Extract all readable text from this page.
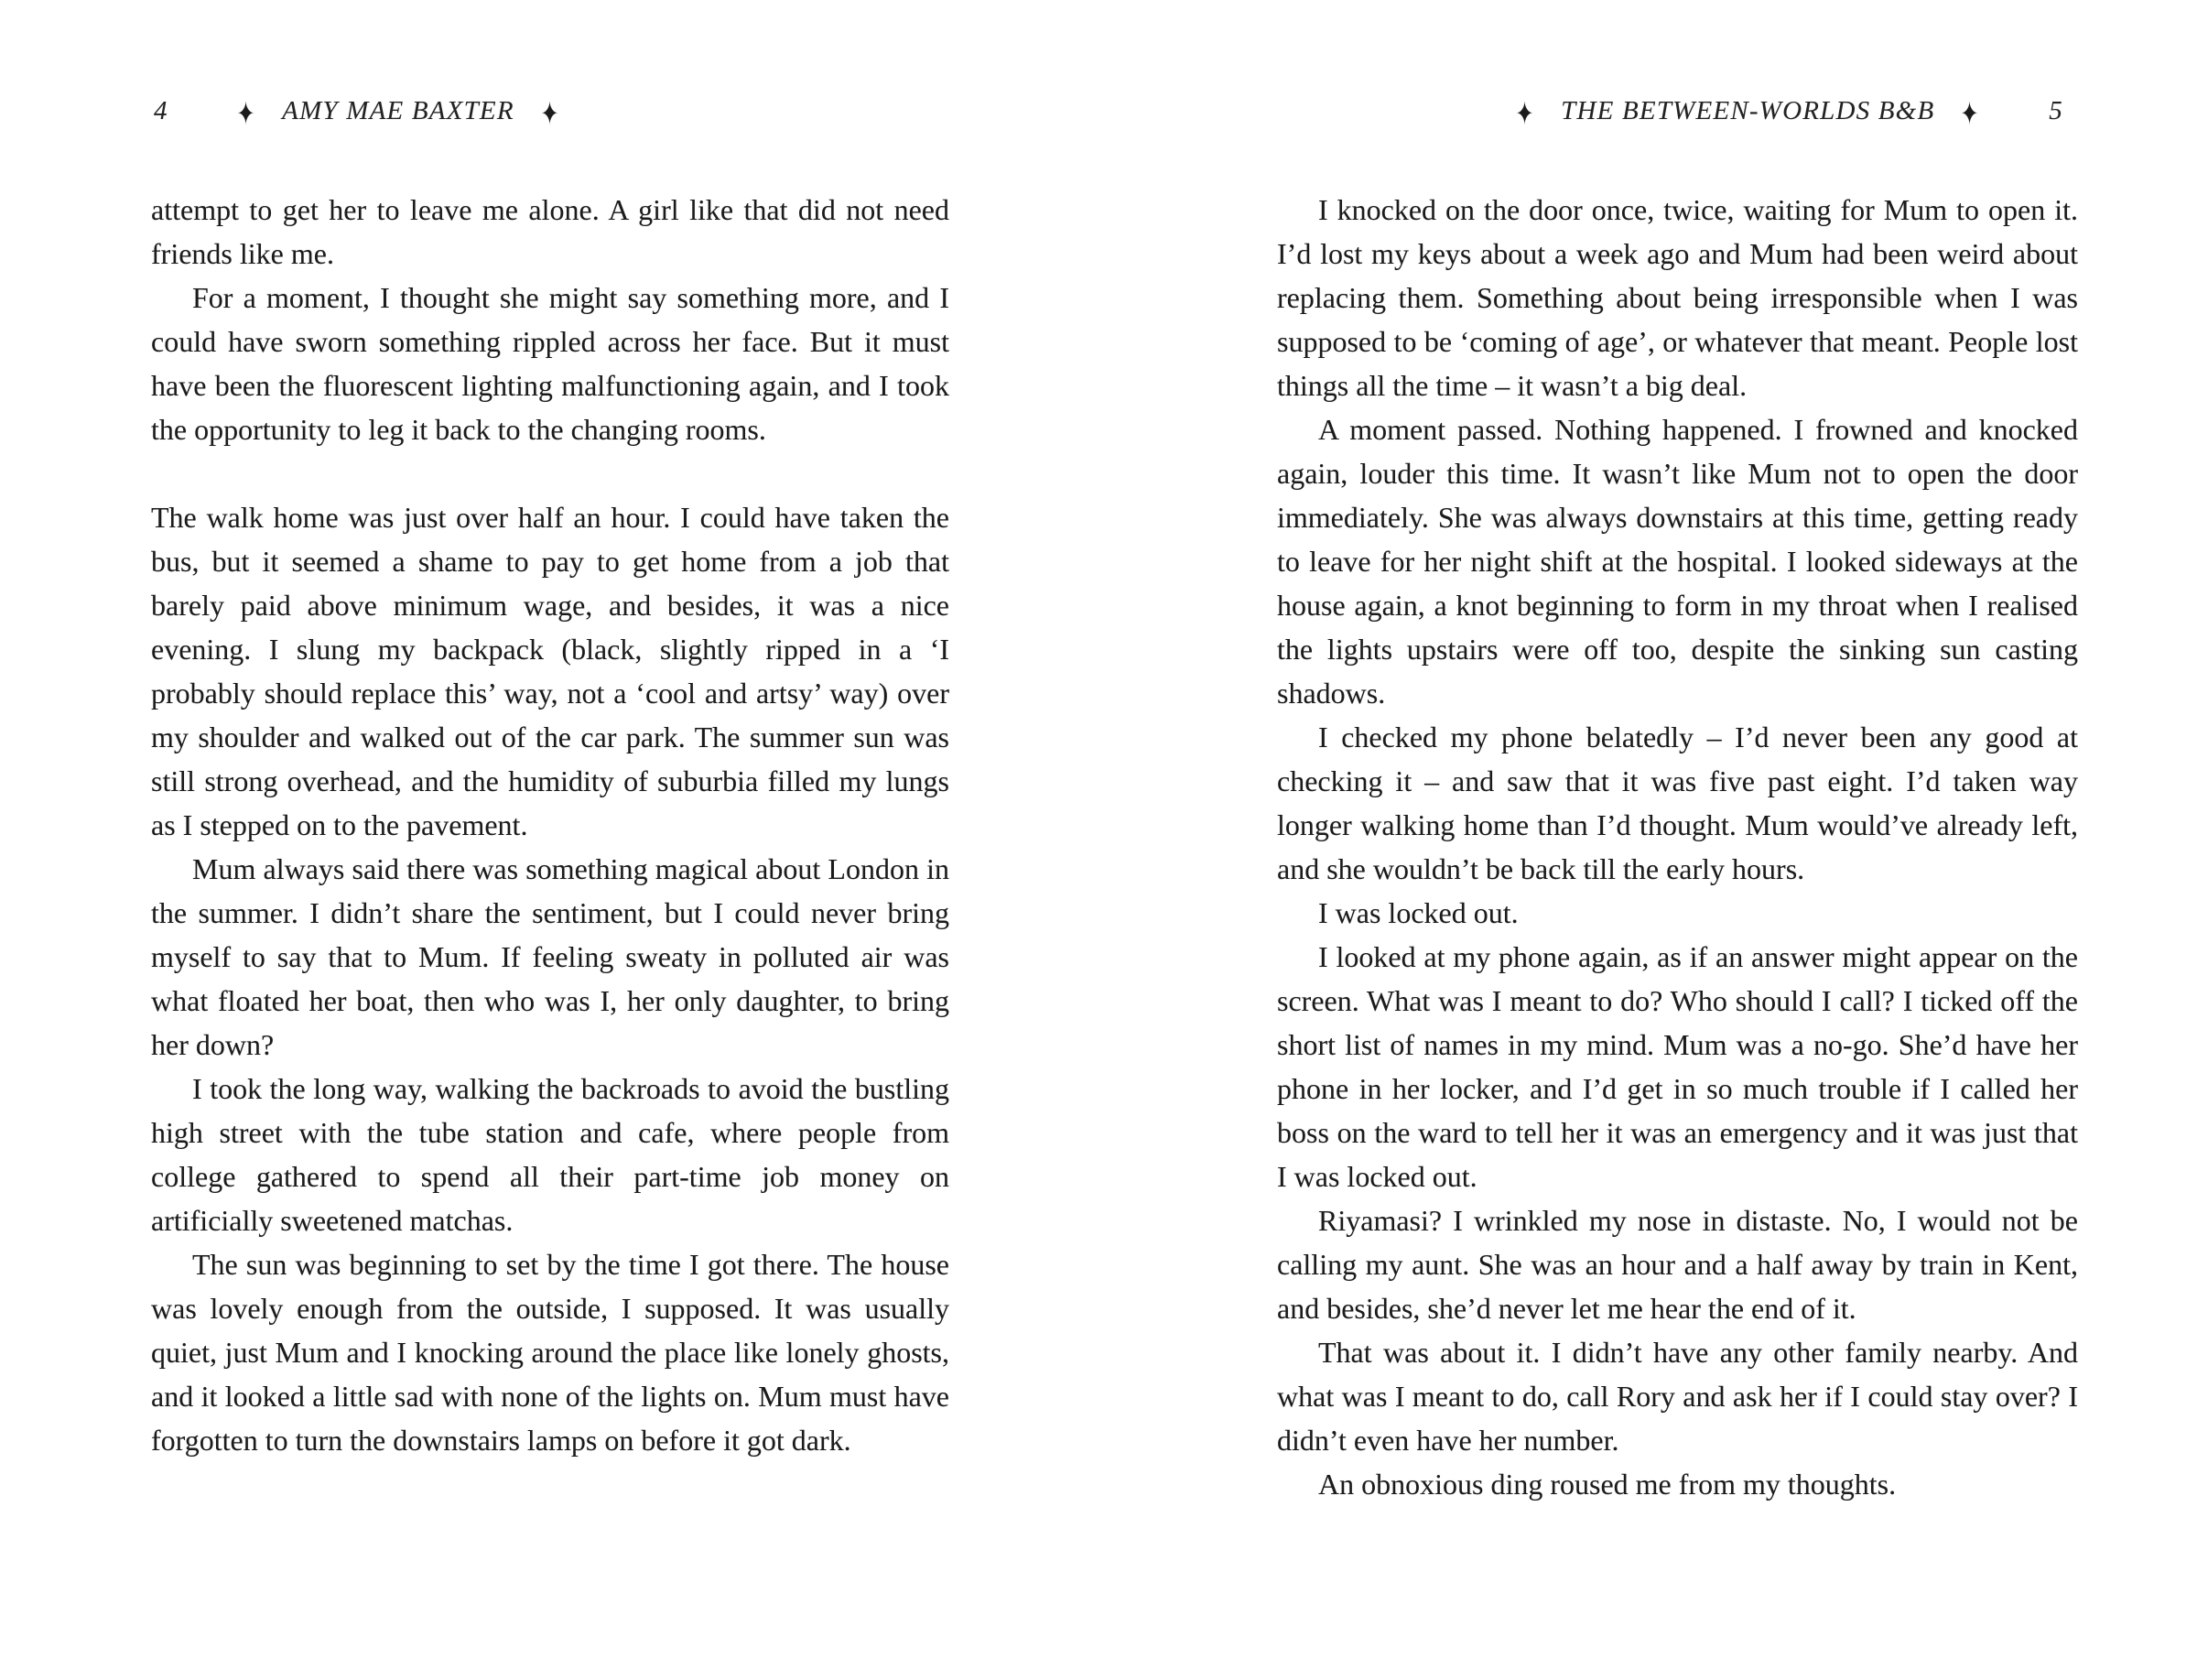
4	✦ AMY MAE BAXTER ✦

attempt to get her to leave me alone. A girl like that did not need friends like me.

For a moment, I thought she might say something more, and I could have sworn something rippled across her face. But it must have been the fluorescent lighting malfunctioning again, and I took the opportunity to leg it back to the changing rooms.

The walk home was just over half an hour. I could have taken the bus, but it seemed a shame to pay to get home from a job that barely paid above minimum wage, and besides, it was a nice evening. I slung my backpack (black, slightly ripped in a ‘I probably should replace this’ way, not a ‘cool and artsy’ way) over my shoulder and walked out of the car park. The summer sun was still strong overhead, and the humidity of suburbia filled my lungs as I stepped on to the pavement.

Mum always said there was something magical about London in the summer. I didn’t share the sentiment, but I could never bring myself to say that to Mum. If feeling sweaty in polluted air was what floated her boat, then who was I, her only daughter, to bring her down?

I took the long way, walking the backroads to avoid the bustling high street with the tube station and cafe, where people from college gathered to spend all their part-time job money on artificially sweetened matchas.

The sun was beginning to set by the time I got there. The house was lovely enough from the outside, I supposed. It was usually quiet, just Mum and I knocking around the place like lonely ghosts, and it looked a little sad with none of the lights on. Mum must have forgotten to turn the downstairs lamps on before it got dark.

✦ THE BETWEEN-WORLDS B&B ✦	5

I knocked on the door once, twice, waiting for Mum to open it. I’d lost my keys about a week ago and Mum had been weird about replacing them. Something about being irresponsible when I was supposed to be ‘coming of age’, or whatever that meant. People lost things all the time – it wasn’t a big deal.

A moment passed. Nothing happened. I frowned and knocked again, louder this time. It wasn’t like Mum not to open the door immediately. She was always downstairs at this time, getting ready to leave for her night shift at the hospital. I looked sideways at the house again, a knot beginning to form in my throat when I realised the lights upstairs were off too, despite the sinking sun casting shadows.

I checked my phone belatedly – I’d never been any good at checking it – and saw that it was five past eight. I’d taken way longer walking home than I’d thought. Mum would’ve already left, and she wouldn’t be back till the early hours.

I was locked out.

I looked at my phone again, as if an answer might appear on the screen. What was I meant to do? Who should I call? I ticked off the short list of names in my mind. Mum was a no-go. She’d have her phone in her locker, and I’d get in so much trouble if I called her boss on the ward to tell her it was an emergency and it was just that I was locked out.

Riyamasi? I wrinkled my nose in distaste. No, I would not be calling my aunt. She was an hour and a half away by train in Kent, and besides, she’d never let me hear the end of it.

That was about it. I didn’t have any other family nearby. And what was I meant to do, call Rory and ask her if I could stay over? I didn’t even have her number.

An obnoxious ding roused me from my thoughts.
